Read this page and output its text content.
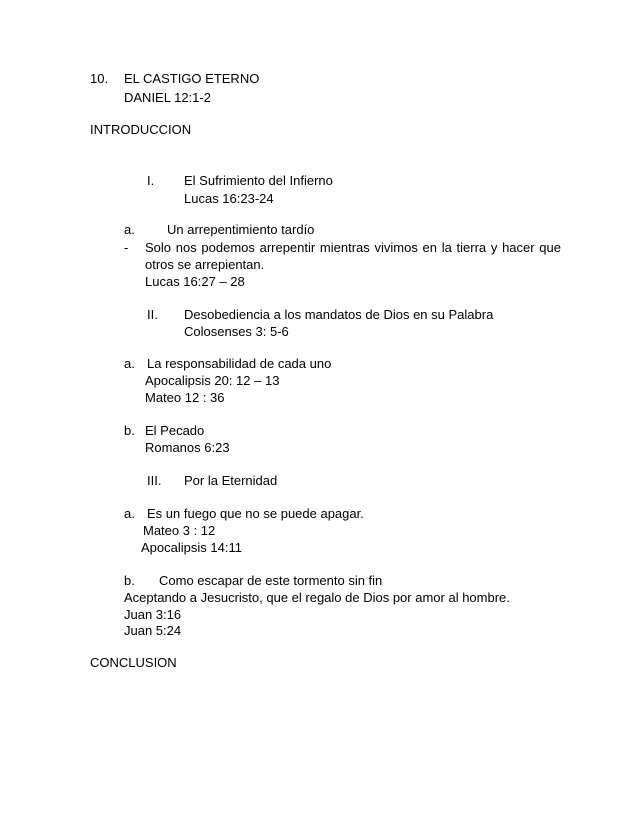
10. EL CASTIGO ETERNO
DANIEL 12:1-2
INTRODUCCION
I. El Sufrimiento del Infierno
Lucas 16:23-24
a. Un arrepentimiento tardío
- Solo nos podemos arrepentir mientras vivimos en la tierra y hacer que
otros se arrepientan.
Lucas 16:27 – 28
II. Desobediencia a los mandatos de Dios en su Palabra
Colosenses 3: 5-6
a. La responsabilidad de cada uno
Apocalipsis 20: 12 – 13
Mateo 12 : 36
b. El Pecado
Romanos 6:23
III. Por la Eternidad
a. Es un fuego que no se puede apagar.
Mateo 3 : 12
Apocalipsis 14:11
b. Como escapar de este tormento sin fin
Aceptando a Jesucristo, que el regalo de Dios por amor al hombre.
Juan 3:16
Juan 5:24
CONCLUSION
